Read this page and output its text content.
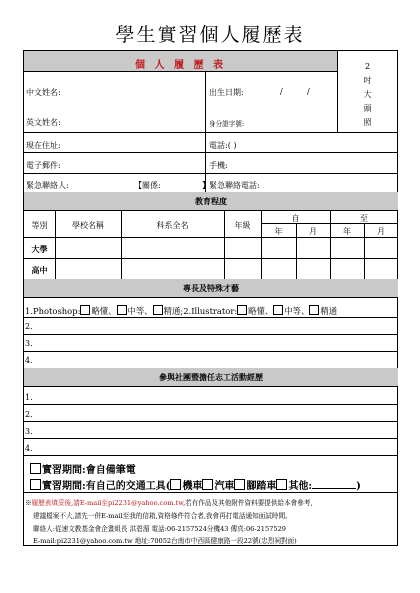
學生實習個人履歷表
個 人 履 歷 表	2
吋
大
頭
照
中文姓名:	出生日期:	/	/
英文姓名:	身分證字號:
現在住址:	電話:( )
電子郵件:	手機:
緊急聯絡人:	【關係:	】 緊急聯絡電話:
教育程度
等別	學校名稱	科系全名	年級
自	至
年	月	年	月
大學
高中
專長及特殊才藝
1.Photoshop: 略懂、 中等、 精通;2.Illustrator: 略懂、 中等、 精通
2.
3.
4.
參與社團暨擔任志工活動經歷
1.
2.
3.
4.
實習期間:會自備筆電
實習期間:有自己的交通工具( 機車 汽車 腳踏車 其他:	)
※履歷表填妥後,請E-mail至pi2231@yahoo.com.tw,若有作品及其他附件資料要提供給本會參考,
建議檔案不大,請先一併E-mail至我的信箱,資格條件符合者,我會再打電話通知面試時間。
聯絡人:從速文教基金會企畫組長 洪碧湄 電話:06-2157524分機43 傳真:06-2157529
E-mail:pi2231@yahoo.com.tw 地址:70052台南市中西區健康路一段22號(忠烈祠對面)
